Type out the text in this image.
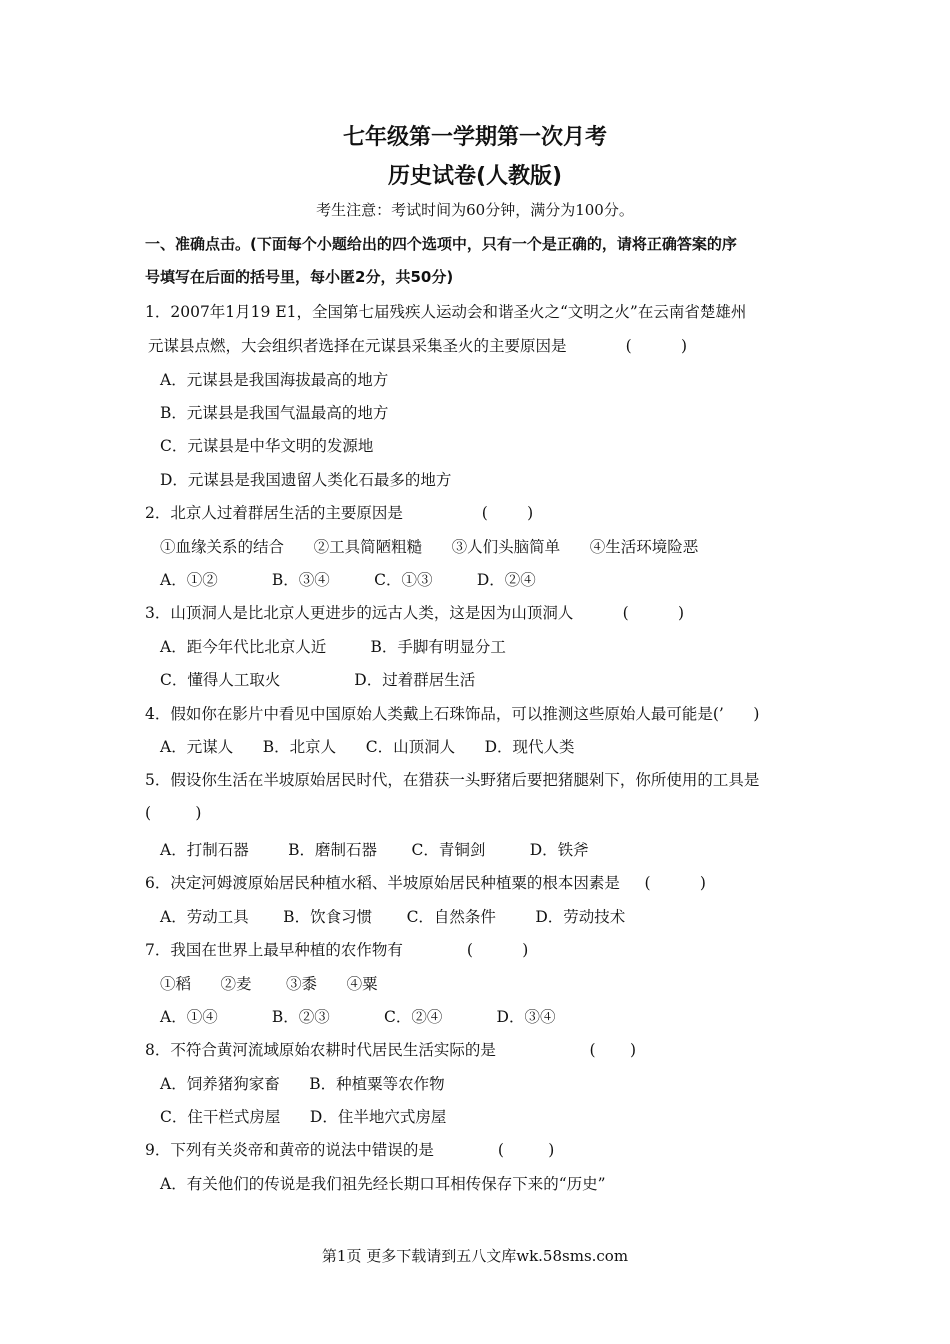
七年级第一学期第一次月考
历史试卷(人教版)
考生注意：考试时间为60分钟，满分为100分。
一、准确点击。(下面每个小题给出的四个选项中，只有一个是正确的，请将正确答案的序
号填写在后面的括号里，每小匿2分，共50分)
1．2007年1月19 E1，全国第七届残疾人运动会和谐圣火之“文明之火”在云南省楚雄州
元谋县点燃，大会组织者选择在元谋县采集圣火的主要原因是            (          )
A．元谋县是我国海拔最高的地方
B．元谋县是我国气温最高的地方
C．元谋县是中华文明的发源地
D．元谋县是我国遗留人类化石最多的地方
2．北京人过着群居生活的主要原因是                (        )
①血缘关系的结合      ②工具简陋粗糙      ③人们头脑简单      ④生活环境险恶
A．①②           B．③④         C．①③         D．②④
3．山顶洞人是比北京人更进步的远古人类，这是因为山顶洞人          (          )
A．距今年代比北京人近         B．手脚有明显分工
C．懂得人工取火               D．过着群居生活
4．假如你在影片中看见中国原始人类戴上石珠饰品，可以推测这些原始人最可能是(’      )
A．元谋人      B．北京人      C．山顶洞人      D．现代人类
5．假设你生活在半坡原始居民时代，在猎获一头野猪后要把猪腿剁下，你所使用的工具是
(         )
A．打制石器        B．磨制石器       C．青铜剑         D．铁斧
6．决定河姆渡原始居民种植水稻、半坡原始居民种植粟的根本因素是     (          )
A．劳动工具       B．饮食习惯       C．自然条件        D．劳动技术
7．我国在世界上最早种植的农作物有             (          )
①稻      ②麦       ③黍      ④粟
A．①④           B．②③           C．②④           D．③④
8．不符合黄河流域原始农耕时代居民生活实际的是                   (       )
A．饲养猪狗家畜      B．种植粟等农作物
C．住干栏式房屋      D．住半地穴式房屋
9．下列有关炎帝和黄帝的说法中错误的是             (         )
A．有关他们的传说是我们祖先经长期口耳相传保存下来的“历史”
第1页 更多下载请到五八文库wk.58sms.com
